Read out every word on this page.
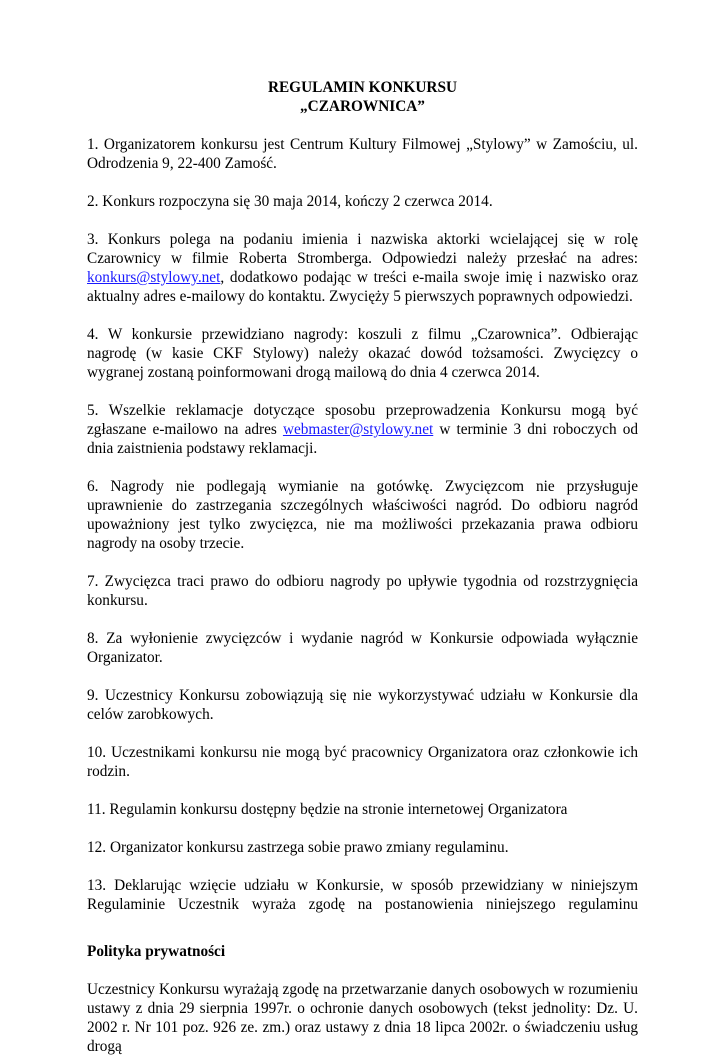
REGULAMIN KONKURSU
„CZAROWNICA”

1. Organizatorem konkursu jest Centrum Kultury Filmowej „Stylowy” w Zamościu, ul. Odrodzenia 9, 22-400 Zamość.

2. Konkurs rozpoczyna się 30 maja 2014, kończy 2 czerwca 2014.

3. Konkurs polega na podaniu imienia i nazwiska aktorki wcielającej się w rolę Czarownicy w filmie Roberta Stromberga. Odpowiedzi należy przesłać na adres: konkurs@stylowy.net, dodatkowo podając w treści e-maila swoje imię i nazwisko oraz aktualny adres e-mailowy do kontaktu. Zwycięży 5 pierwszych poprawnych odpowiedzi.

4. W konkursie przewidziano nagrody: koszuli z filmu „Czarownica”. Odbierając nagrodę (w kasie CKF Stylowy) należy okazać dowód tożsamości. Zwycięzcy o wygranej zostaną poinformowani drogą mailową do dnia 4 czerwca 2014.

5. Wszelkie reklamacje dotyczące sposobu przeprowadzenia Konkursu mogą być zgłaszane e-mailowo na adres webmaster@stylowy.net w terminie 3 dni roboczych od dnia zaistnienia podstawy reklamacji.

6. Nagrody nie podlegają wymianie na gotówkę. Zwycięzcom nie przysługuje uprawnienie do zastrzegania szczególnych właściwości nagród. Do odbioru nagród upoważniony jest tylko zwycięzca, nie ma możliwości przekazania prawa odbioru nagrody na osoby trzecie.

7. Zwycięzca traci prawo do odbioru nagrody po upływie tygodnia od rozstrzygnięcia konkursu.

8. Za wyłonienie zwycięzców i wydanie nagród w Konkursie odpowiada wyłącznie Organizator.

9. Uczestnicy Konkursu zobowiązują się nie wykorzystywać udziału w Konkursie dla celów zarobkowych.

10. Uczestnikami konkursu nie mogą być pracownicy Organizatora oraz członkowie ich rodzin.

11. Regulamin konkursu dostępny będzie na stronie internetowej Organizatora

12. Organizator konkursu zastrzega sobie prawo zmiany regulaminu.

13. Deklarując wzięcie udziału w Konkursie, w sposób przewidziany w niniejszym Regulaminie Uczestnik wyraża zgodę na postanowienia niniejszego regulaminu

Polityka prywatności

Uczestnicy Konkursu wyrażają zgodę na przetwarzanie danych osobowych w rozumieniu ustawy z dnia 29 sierpnia 1997r. o ochronie danych osobowych (tekst jednolity: Dz. U. 2002 r. Nr 101 poz. 926 ze. zm.) oraz ustawy z dnia 18 lipca 2002r. o świadczeniu usług drogą
